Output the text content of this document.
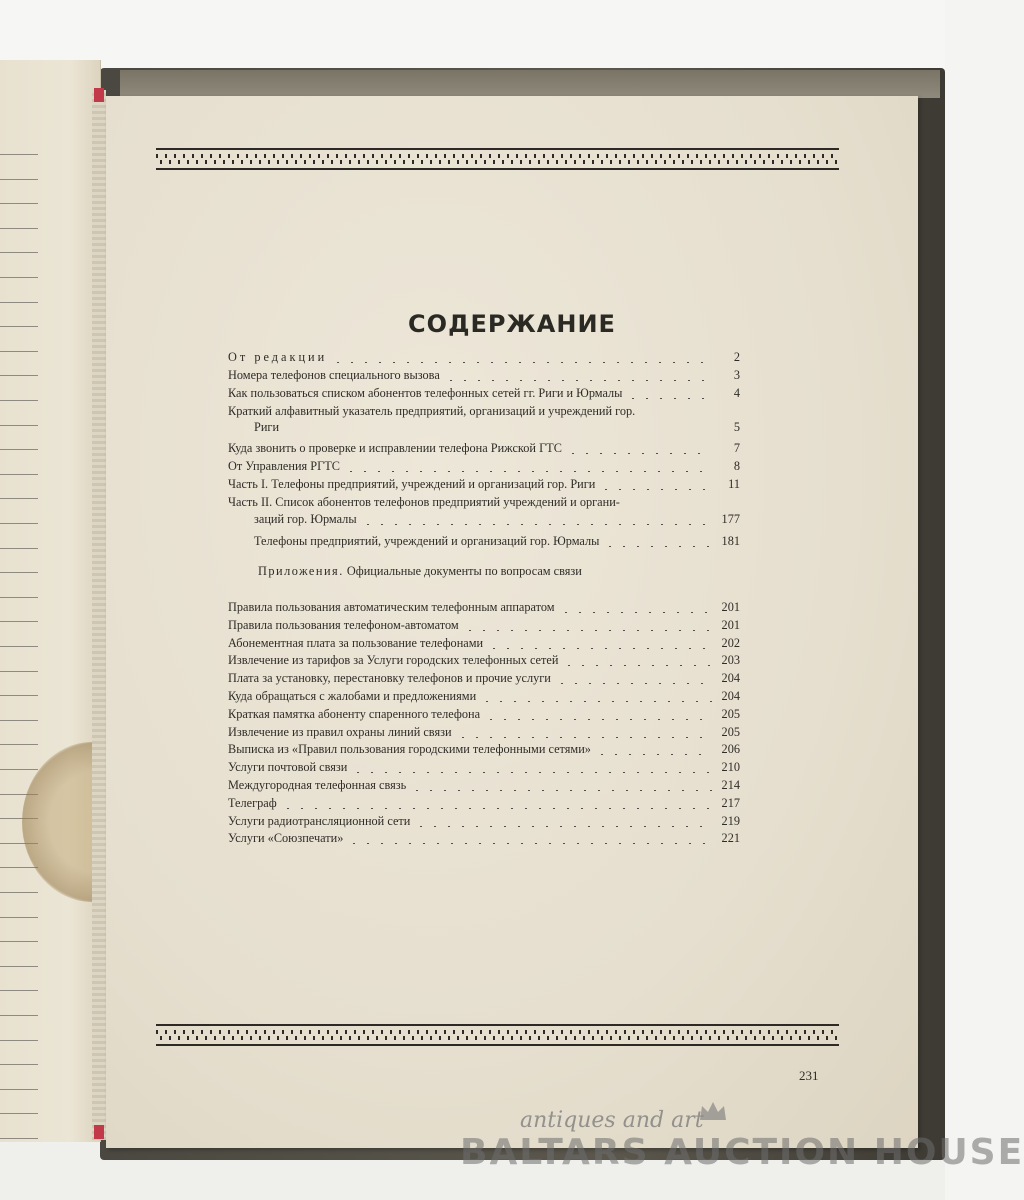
СОДЕРЖАНИЕ
От редакции	2
Номера телефонов специального вызова	3
Как пользоваться списком абонентов телефонных сетей гг. Риги и Юрмалы	4
Краткий алфавитный указатель предприятий, организаций и учреждений гор.
Риги	5
Куда звонить о проверке и исправлении телефона Рижской ГТС	7
От Управления РГТС	8
Часть I. Телефоны предприятий, учреждений и организаций гор. Риги	11
Часть II. Список абонентов телефонов предприятий учреждений и органи-
заций гор. Юрмалы	177
Телефоны предприятий, учреждений и организаций гор. Юрмалы	181
Приложения. Официальные документы по вопросам связи
Правила пользования автоматическим телефонным аппаратом	201
Правила пользования телефоном-автоматом	201
Абонементная плата за пользование телефонами	202
Извлечение из тарифов за Услуги городских телефонных сетей	203
Плата за установку, перестановку телефонов и прочие услуги	204
Куда обращаться с жалобами и предложениями	204
Краткая памятка абоненту спаренного телефона	205
Извлечение из правил охраны линий связи	205
Выписка из «Правил пользования городскими телефонными сетями»	206
Услуги почтовой связи	210
Междугородная телефонная связь	214
Телеграф	217
Услуги радиотрансляционной сети	219
Услуги «Союзпечати»	221
231
antiques and art
BALTARS AUCTION HOUSE
